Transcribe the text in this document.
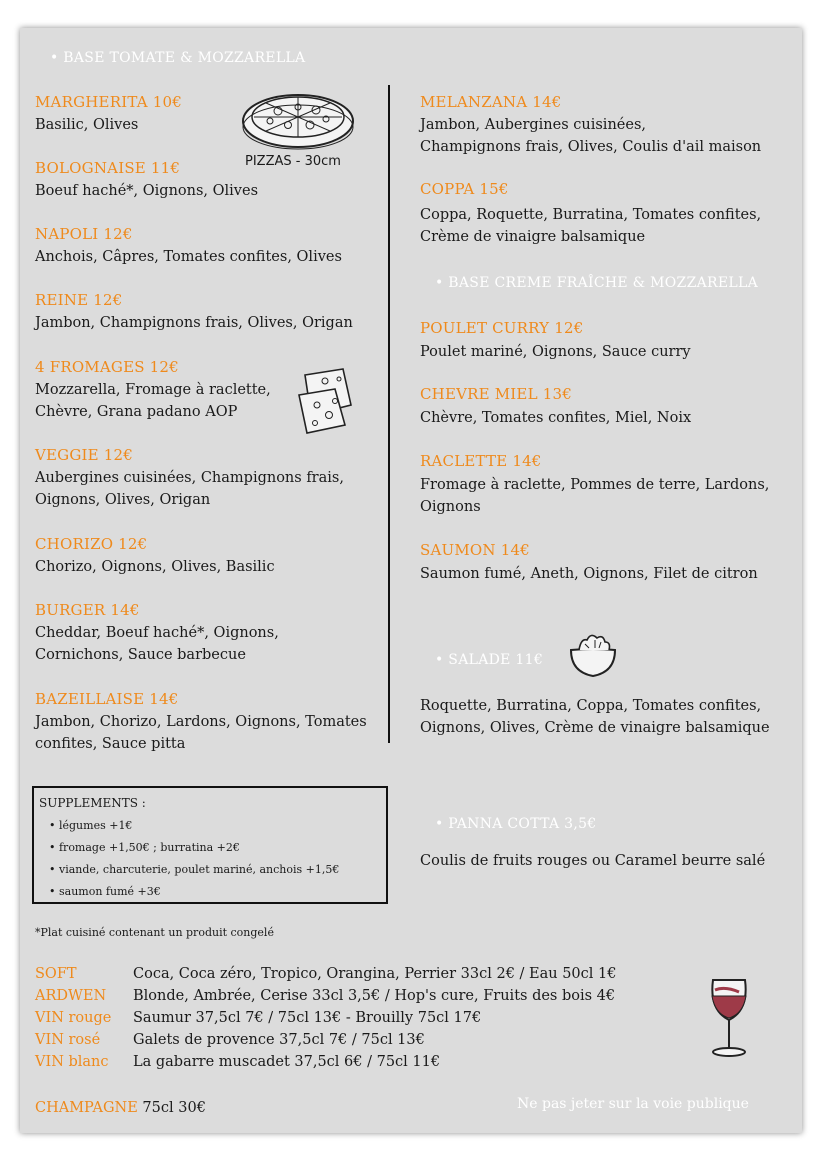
• BASE TOMATE & MOZZARELLA
PIZZAS - 30cm
MARGHERITA 10€
Basilic, Olives
BOLOGNAISE 11€
Boeuf haché*, Oignons, Olives
NAPOLI 12€
Anchois, Câpres, Tomates confites, Olives
REINE 12€
Jambon, Champignons frais, Olives, Origan
4 FROMAGES 12€
Mozzarella, Fromage à raclette,
Chèvre, Grana padano AOP
VEGGIE 12€
Aubergines cuisinées, Champignons frais,
Oignons, Olives, Origan
CHORIZO 12€
Chorizo, Oignons, Olives, Basilic
BURGER 14€
Cheddar, Boeuf haché*, Oignons,
Cornichons, Sauce barbecue
BAZEILLAISE 14€
Jambon, Chorizo, Lardons, Oignons, Tomates
confites, Sauce pitta
MELANZANA 14€
Jambon, Aubergines cuisinées,
Champignons frais, Olives, Coulis d'ail maison
COPPA 15€
Coppa, Roquette, Burratina, Tomates confites,
Crème de vinaigre balsamique
• BASE CREME FRAÎCHE & MOZZARELLA
POULET CURRY 12€
Poulet mariné, Oignons, Sauce curry
CHEVRE MIEL 13€
Chèvre, Tomates confites, Miel, Noix
RACLETTE 14€
Fromage à raclette, Pommes de terre, Lardons,
Oignons
SAUMON 14€
Saumon fumé, Aneth, Oignons, Filet de citron
• SALADE 11€
Roquette, Burratina, Coppa, Tomates confites,
Oignons, Olives, Crème de vinaigre balsamique
• PANNA COTTA 3,5€
Coulis de fruits rouges ou Caramel beurre salé
SUPPLEMENTS :
• légumes +1€
• fromage +1,50€ ; burratina +2€
• viande, charcuterie, poulet mariné, anchois +1,5€
• saumon fumé +3€
*Plat cuisiné contenant un produit congelé
SOFT	Coca, Coca zéro, Tropico, Orangina, Perrier 33cl 2€ / Eau 50cl 1€
ARDWEN Blonde, Ambrée, Cerise 33cl 3,5€ / Hop's cure, Fruits des bois 4€
VIN rouge Saumur 37,5cl 7€ / 75cl 13€ - Brouilly 75cl 17€
VIN rosé Galets de provence 37,5cl 7€ / 75cl 13€
VIN blanc La gabarre muscadet 37,5cl 6€ / 75cl 11€
CHAMPAGNE 75cl 30€	Ne pas jeter sur la voie publique
